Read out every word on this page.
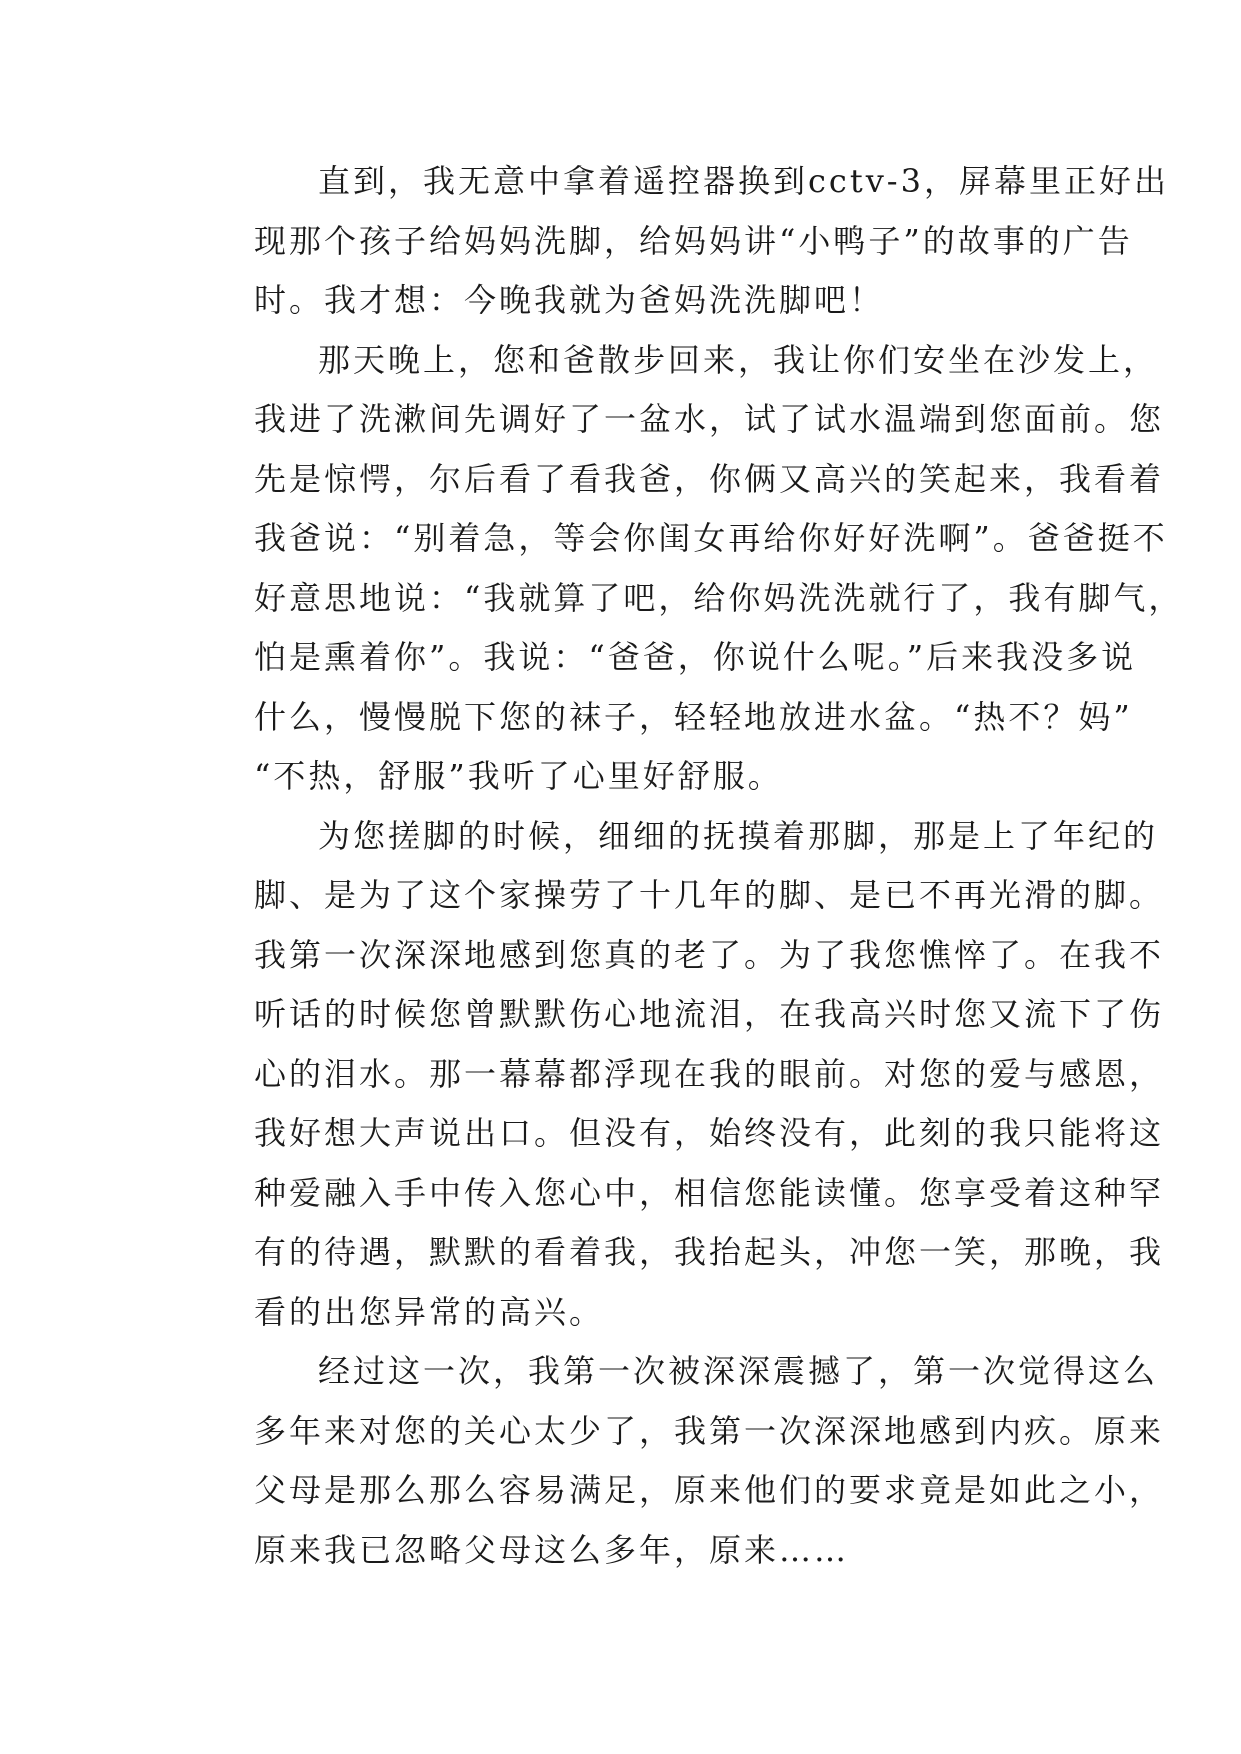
直到，我无意中拿着遥控器换到cctv-3，屏幕里正好出
现那个孩子给妈妈洗脚，给妈妈讲“小鸭子”的故事的广告
时。我才想：今晚我就为爸妈洗洗脚吧！
那天晚上，您和爸散步回来，我让你们安坐在沙发上，
我进了洗漱间先调好了一盆水，试了试水温端到您面前。您
先是惊愕，尔后看了看我爸，你俩又高兴的笑起来，我看着
我爸说：“别着急，等会你闺女再给你好好洗啊”。爸爸挺不
好意思地说：“我就算了吧，给你妈洗洗就行了，我有脚气，
怕是熏着你”。我说：“爸爸，你说什么呢。”后来我没多说
什么，慢慢脱下您的袜子，轻轻地放进水盆。“热不？妈”
“不热，舒服”我听了心里好舒服。
为您搓脚的时候，细细的抚摸着那脚，那是上了年纪的
脚、是为了这个家操劳了十几年的脚、是已不再光滑的脚。
我第一次深深地感到您真的老了。为了我您憔悴了。在我不
听话的时候您曾默默伤心地流泪，在我高兴时您又流下了伤
心的泪水。那一幕幕都浮现在我的眼前。对您的爱与感恩，
我好想大声说出口。但没有，始终没有，此刻的我只能将这
种爱融入手中传入您心中，相信您能读懂。您享受着这种罕
有的待遇，默默的看着我，我抬起头，冲您一笑，那晚，我
看的出您异常的高兴。
经过这一次，我第一次被深深震撼了，第一次觉得这么
多年来对您的关心太少了，我第一次深深地感到内疚。原来
父母是那么那么容易满足，原来他们的要求竟是如此之小，
原来我已忽略父母这么多年，原来……
